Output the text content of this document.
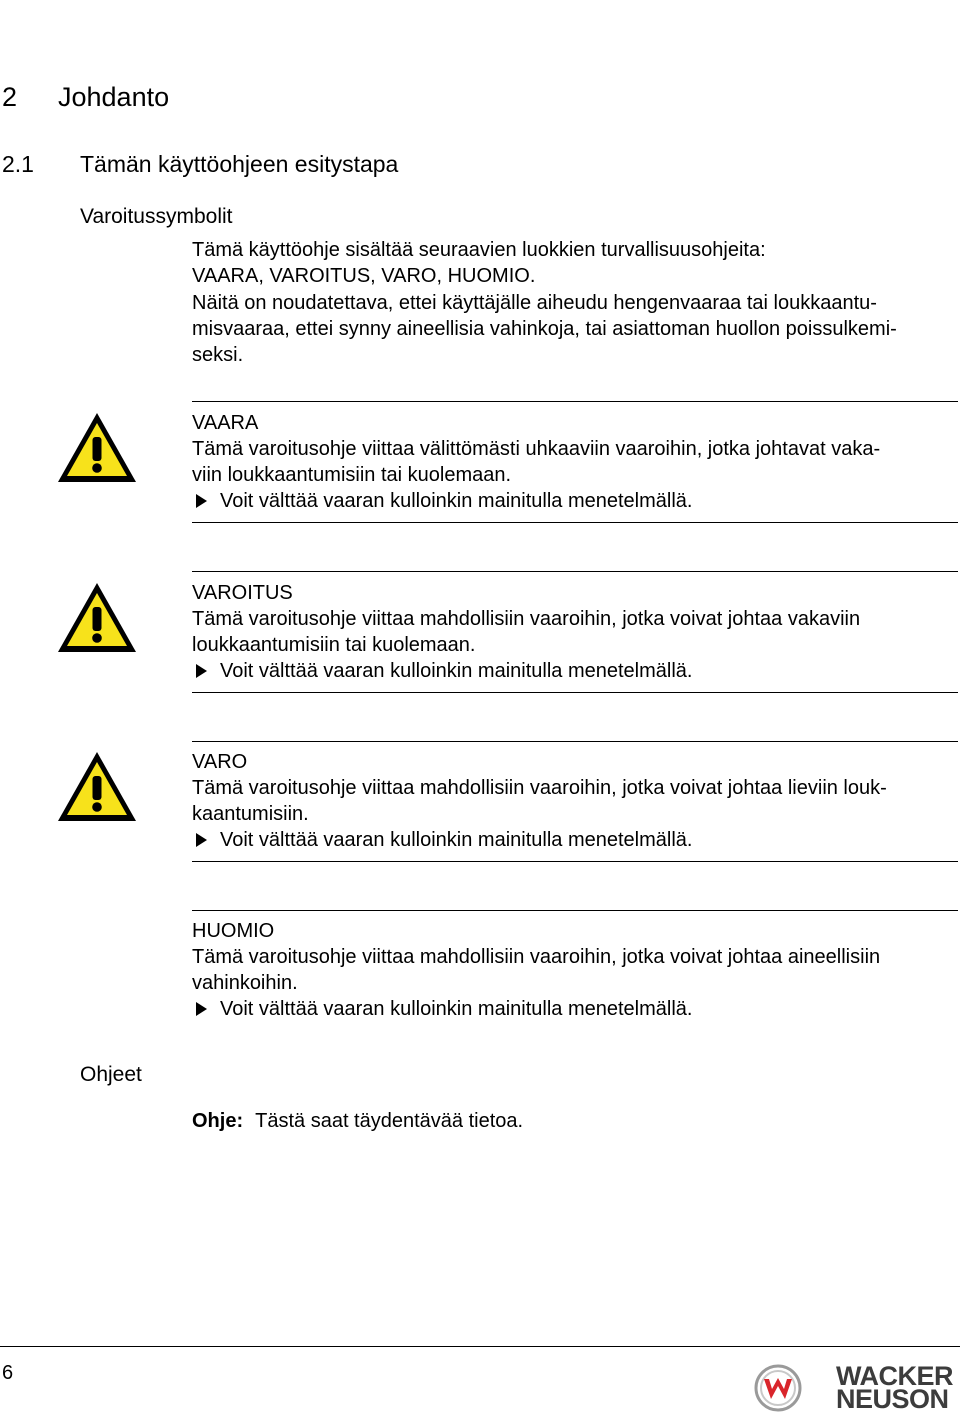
2 Johdanto
2.1 Tämän käyttöohjeen esitystapa
Varoitussymbolit
Tämä käyttöohje sisältää seuraavien luokkien turvallisuusohjeita:
VAARA, VAROITUS, VARO, HUOMIO.
Näitä on noudatettava, ettei käyttäjälle aiheudu hengenvaaraa tai loukkaantu-
misvaaraa, ettei synny aineellisia vahinkoja, tai asiattoman huollon poissulkemi-
seksi.
VAARA
Tämä varoitusohje viittaa välittömästi uhkaaviin vaaroihin, jotka johtavat vaka-
viin loukkaantumisiin tai kuolemaan.
Voit välttää vaaran kulloinkin mainitulla menetelmällä.
VAROITUS
Tämä varoitusohje viittaa mahdollisiin vaaroihin, jotka voivat johtaa vakaviin
loukkaantumisiin tai kuolemaan.
Voit välttää vaaran kulloinkin mainitulla menetelmällä.
VARO
Tämä varoitusohje viittaa mahdollisiin vaaroihin, jotka voivat johtaa lieviin louk-
kaantumisiin.
Voit välttää vaaran kulloinkin mainitulla menetelmällä.
HUOMIO
Tämä varoitusohje viittaa mahdollisiin vaaroihin, jotka voivat johtaa aineellisiin
vahinkoihin.
Voit välttää vaaran kulloinkin mainitulla menetelmällä.
Ohjeet
Ohje: Tästä saat täydentävää tietoa.
6	WACKER
NEUSON
